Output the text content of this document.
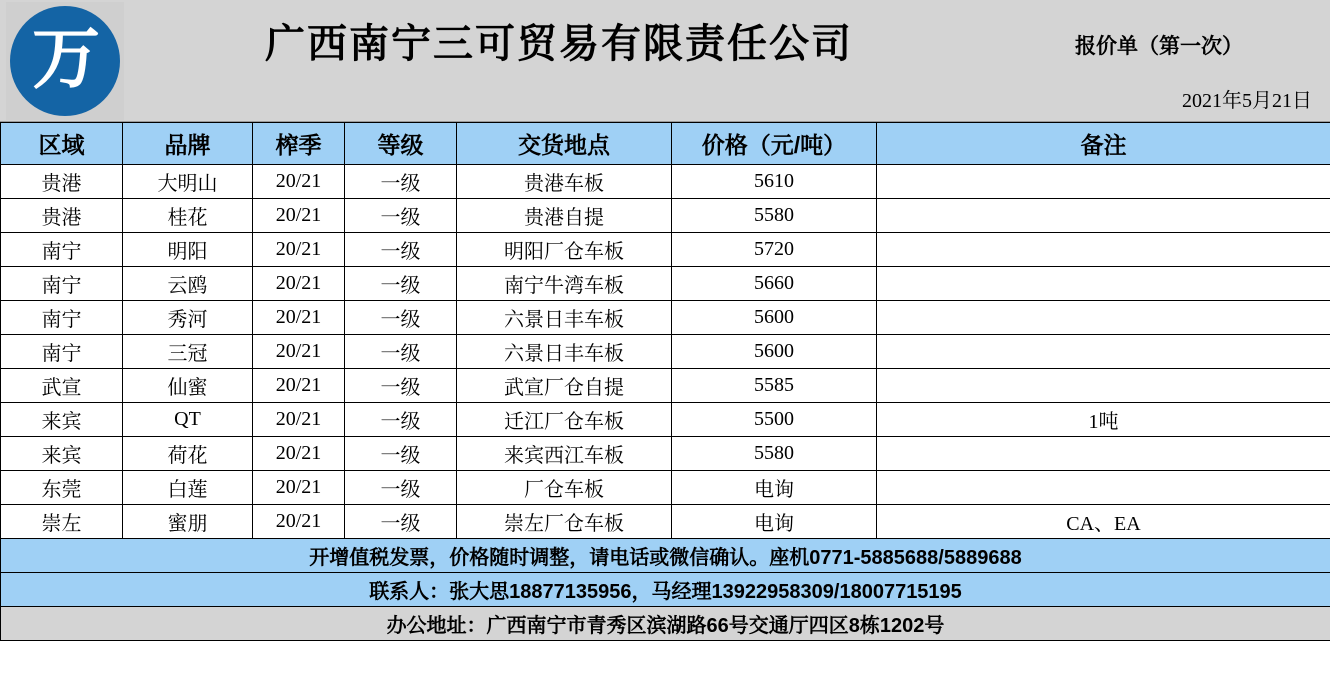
万	广西南宁三可贸易有限责任公司	报价单（第一次）
2021年5月21日
区域	品牌	榨季	等级	交货地点	价格（元/吨）	备注
贵港	大明山	20/21	一级	贵港车板	5610	
贵港	桂花	20/21	一级	贵港自提	5580	
南宁	明阳	20/21	一级	明阳厂仓车板	5720	
南宁	云鸥	20/21	一级	南宁牛湾车板	5660	
南宁	秀河	20/21	一级	六景日丰车板	5600	
南宁	三冠	20/21	一级	六景日丰车板	5600	
武宣	仙蜜	20/21	一级	武宣厂仓自提	5585	
来宾	QT	20/21	一级	迁江厂仓车板	5500	1吨
来宾	荷花	20/21	一级	来宾西江车板	5580	
东莞	白莲	20/21	一级	厂仓车板	电询	
崇左	蜜朋	20/21	一级	崇左厂仓车板	电询	CA、EA
开增值税发票，价格随时调整，请电话或微信确认。座机0771-5885688/5889688						
联系人：张大思18877135956，马经理13922958309/18007715195						
办公地址：广西南宁市青秀区滨湖路66号交通厅四区8栋1202号						
